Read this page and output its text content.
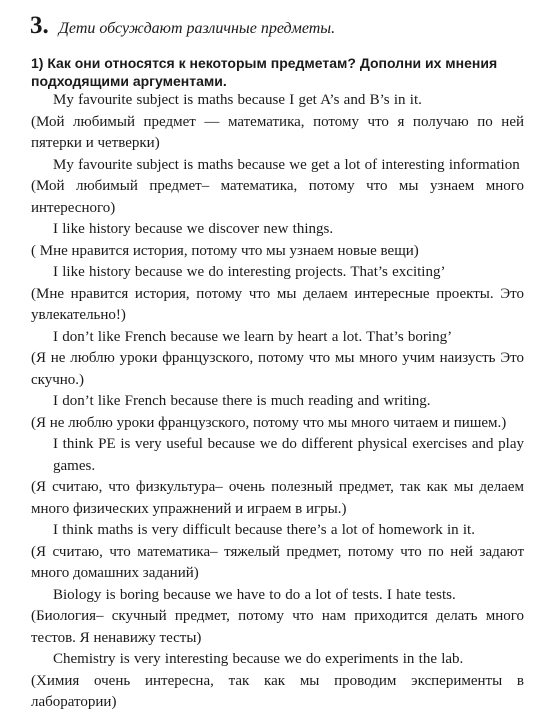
3. Дети обсуждают различные предметы.

1) Как они относятся к некоторым предметам? Дополни их мнения подходящими аргументами.

My favourite subject is maths because I get A’s and B’s in it.
(Мой любимый предмет — математика, потому что я получаю по ней пятерки и четверки)
My favourite subject is maths because we get a lot of interesting information
(Мой любимый предмет– математика, потому что мы узнаем много интересного)
I like history because we discover new things.
( Мне нравится история, потому что мы узнаем новые вещи)
I like history because we do interesting projects. That’s exciting’
(Мне нравится история, потому что мы делаем интересные проекты. Это увлекательно!)
I don’t like French because we learn by heart a lot. That’s boring’
(Я не люблю уроки французского, потому что мы много учим наизусть Это скучно.)
I don’t like French because there is much reading and writing.
(Я не люблю уроки французского, потому что мы много читаем и пишем.)
I think PE is very useful because we do different physical exercises and play games.
(Я считаю, что физкультура– очень полезный предмет, так как мы делаем много физических упражнений и играем в игры.)
I think maths is very difficult because there’s a lot of homework in it.
(Я считаю, что математика– тяжелый предмет, потому что по ней задают много домашних заданий)
Biology is boring because we have to do a lot of tests. I hate tests.
(Биология– скучный предмет, потому что нам приходится делать много тестов. Я ненавижу тесты)
Chemistry is very interesting because we do experiments in the lab.
(Химия очень интересна, так как мы проводим эксперименты в лаборатории)
